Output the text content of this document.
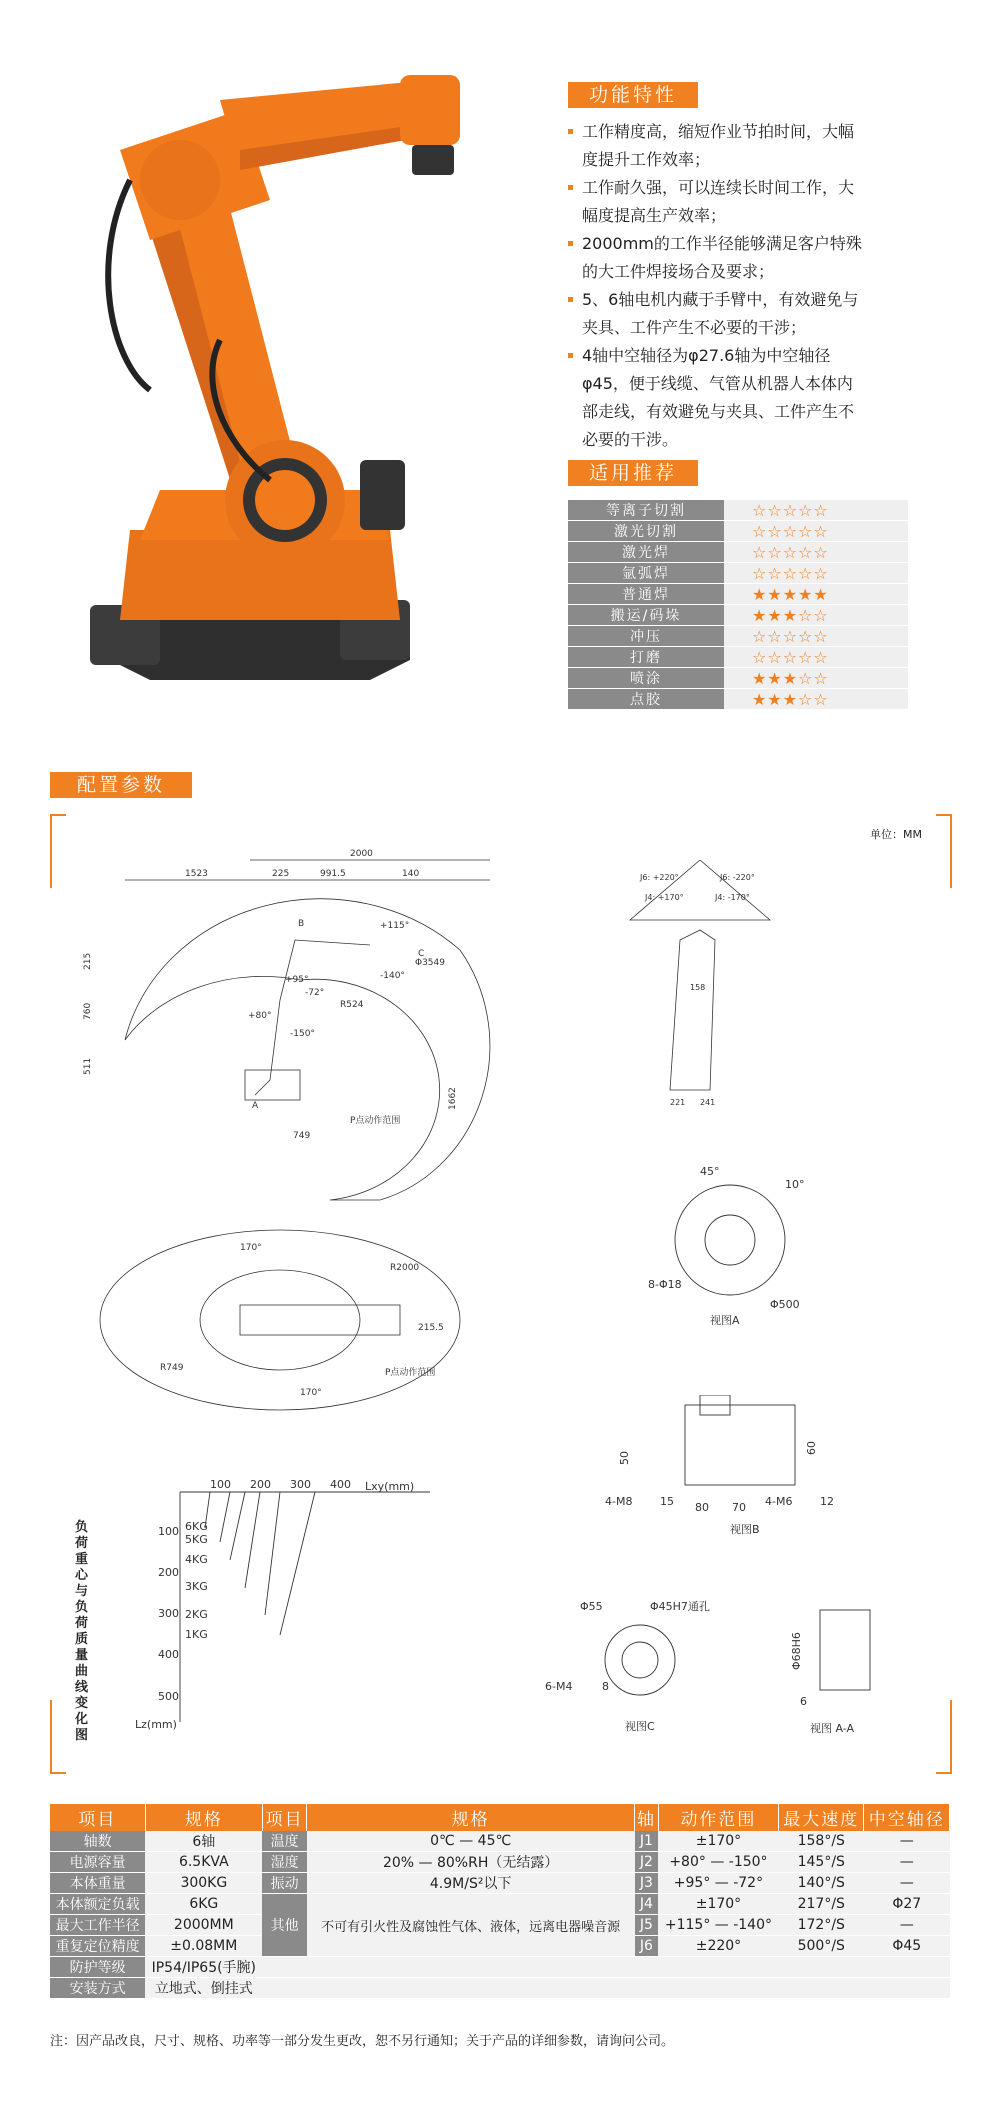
功能特性
工作精度高，缩短作业节拍时间，大幅度提升工作效率；
工作耐久强，可以连续长时间工作，大幅度提高生产效率；
2000mm的工作半径能够满足客户特殊的大工件焊接场合及要求；
5、6轴电机内藏于手臂中，有效避免与夹具、工件产生不必要的干涉；
4轴中空轴径为φ27.6轴为中空轴径φ45，便于线缆、气管从机器人本体内部走线，有效避免与夹具、工件产生不必要的干涉。
适用推荐
等离子切割	☆☆☆☆☆
激光切割	☆☆☆☆☆
激光焊	☆☆☆☆☆
氩弧焊	☆☆☆☆☆
普通焊	★★★★★
搬运/码垛	★★★☆☆
冲压	☆☆☆☆☆
打磨	☆☆☆☆☆
喷涂	★★★☆☆
点胶	★★★☆☆
配置参数
单位：MM
2000
1523	225	991.5	140
Φ3549
R524
749
1662
P点动作范围
215
760
511
+115°
-140°
+95°
-72°
+80°
-150°
B
C
A
J6: +220°	J6: -220°
J4: +170°	J4: -170°
158
221 241
R2000
R749
170°
170°
215.5
P点动作范围
45°
10°
8-Φ18
Φ500
视图A
50
60
4-M8	15 80 70 4-M6	12
视图B
Φ55	Φ45H7通孔
6-M4	8
视图C
Φ68H6
6
视图 A-A
负荷重心与负荷质量曲线变化图
Lxy(mm)
Lz(mm)
100 200 300 400
100
200
300
400
500
6KG
5KG
4KG
3KG
2KG
1KG
项目	规格	项目	规格	轴	动作范围	最大速度	中空轴径
轴数	6轴	温度	0℃ — 45℃	J1	±170°	158°/S	—
电源容量	6.5KVA	湿度	20% — 80%RH（无结露）	J2	+80° — -150°	145°/S	—
本体重量	300KG	振动	4.9M/S²以下	J3	+95° — -72°	140°/S	—
本体额定负载	6KG	其他	不可有引火性及腐蚀性气体、液体，远离电器噪音源	J4	±170°	217°/S	Φ27
最大工作半径	2000MM			J5	+115° — -140°	172°/S	—
重复定位精度	±0.08MM			J6	±220°	500°/S	Φ45
防护等级	IP54/IP65(手腕)						
安装方式	立地式、倒挂式						
注：因产品改良，尺寸、规格、功率等一部分发生更改，恕不另行通知；关于产品的详细参数，请询问公司。
